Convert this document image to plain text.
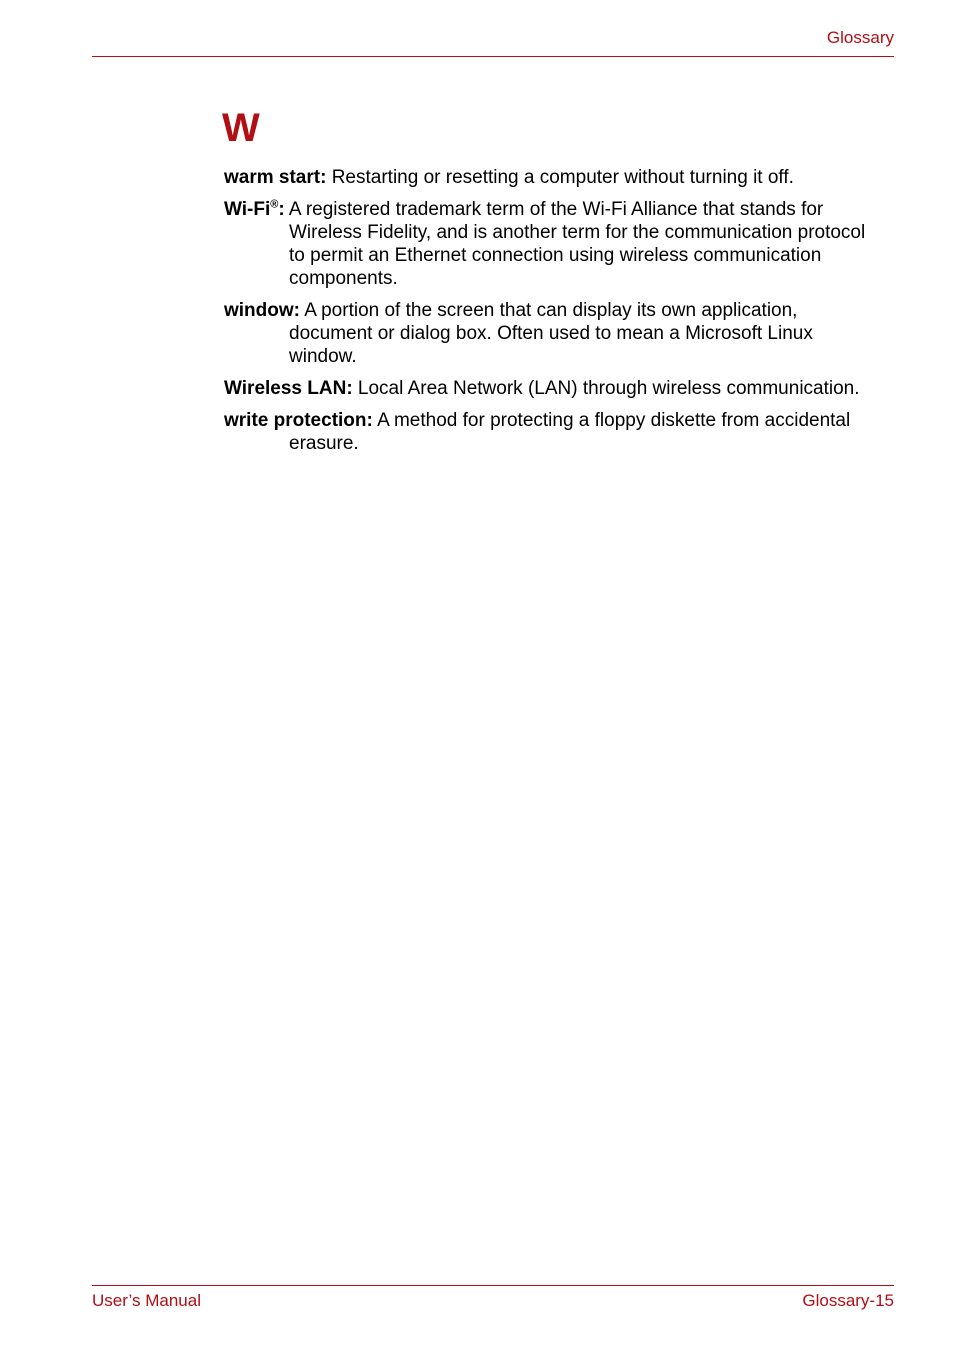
Glossary
W

warm start: Restarting or resetting a computer without turning it off.

Wi-Fi®: A registered trademark term of the Wi-Fi Alliance that stands for Wireless Fidelity, and is another term for the communication protocol to permit an Ethernet connection using wireless communication components.

window: A portion of the screen that can display its own application, document or dialog box. Often used to mean a Microsoft Linux window.

Wireless LAN: Local Area Network (LAN) through wireless communication.

write protection: A method for protecting a floppy diskette from accidental erasure.

User’s Manual	Glossary-15
